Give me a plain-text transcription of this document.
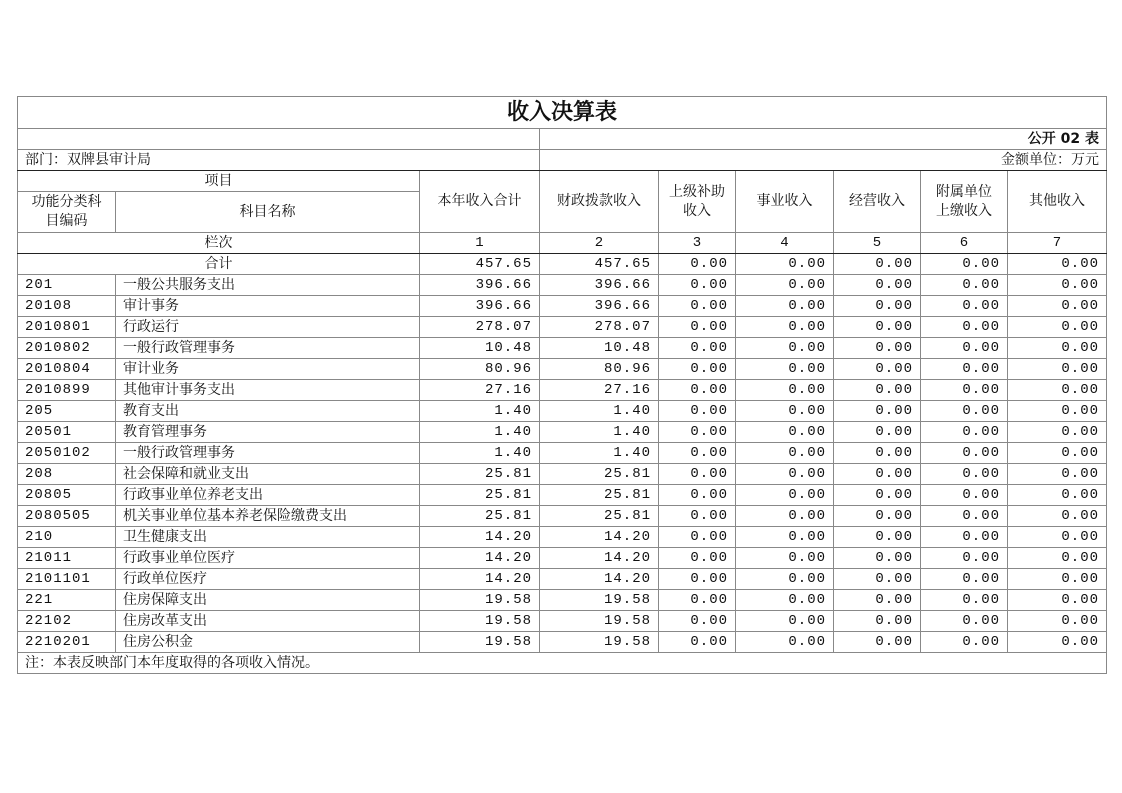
收入决算表								
			公开 02 表					
部门：双牌县审计局			金额单位：万元					
项目		本年收入合计	财政拨款收入	上级补助收入	事业收入	经营收入	附属单位上缴收入	其他收入
功能分类科目编码	科目名称							
栏次		1	2	3	4	5	6	7
合计		457.65	457.65	0.00	0.00	0.00	0.00	0.00
201	一般公共服务支出	396.66	396.66	0.00	0.00	0.00	0.00	0.00
20108	审计事务	396.66	396.66	0.00	0.00	0.00	0.00	0.00
2010801	行政运行	278.07	278.07	0.00	0.00	0.00	0.00	0.00
2010802	一般行政管理事务	10.48	10.48	0.00	0.00	0.00	0.00	0.00
2010804	审计业务	80.96	80.96	0.00	0.00	0.00	0.00	0.00
2010899	其他审计事务支出	27.16	27.16	0.00	0.00	0.00	0.00	0.00
205	教育支出	1.40	1.40	0.00	0.00	0.00	0.00	0.00
20501	教育管理事务	1.40	1.40	0.00	0.00	0.00	0.00	0.00
2050102	一般行政管理事务	1.40	1.40	0.00	0.00	0.00	0.00	0.00
208	社会保障和就业支出	25.81	25.81	0.00	0.00	0.00	0.00	0.00
20805	行政事业单位养老支出	25.81	25.81	0.00	0.00	0.00	0.00	0.00
2080505	机关事业单位基本养老保险缴费支出	25.81	25.81	0.00	0.00	0.00	0.00	0.00
210	卫生健康支出	14.20	14.20	0.00	0.00	0.00	0.00	0.00
21011	行政事业单位医疗	14.20	14.20	0.00	0.00	0.00	0.00	0.00
2101101	行政单位医疗	14.20	14.20	0.00	0.00	0.00	0.00	0.00
221	住房保障支出	19.58	19.58	0.00	0.00	0.00	0.00	0.00
22102	住房改革支出	19.58	19.58	0.00	0.00	0.00	0.00	0.00
2210201	住房公积金	19.58	19.58	0.00	0.00	0.00	0.00	0.00
注：本表反映部门本年度取得的各项收入情况。								
